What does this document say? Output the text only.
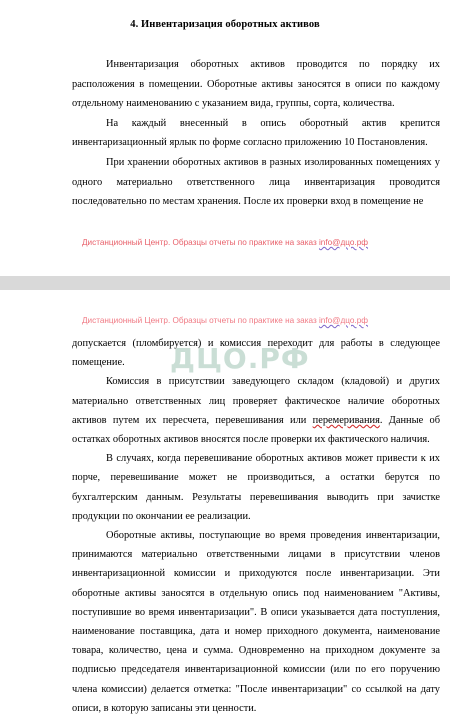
4. Инвентаризация оборотных активов

Инвентаризация оборотных активов проводится по порядку их расположения в помещении. Оборотные активы заносятся в описи по каждому отдельному наименованию с указанием вида, группы, сорта, количества.

На каждый внесенный в опись оборотный актив крепится инвентаризационный ярлык по форме согласно приложению 10 Постановления.

При хранении оборотных активов в разных изолированных помещениях у одного материально ответственного лица инвентаризация проводится последовательно по местам хранения. После их проверки вход в помещение не

Дистанционный Центр. Образцы отчеты по практике на заказ info@дцо.рф
Дистанционный Центр. Образцы отчеты по практике на заказ info@дцо.рф
ДЦО.РФ

допускается (пломбируется) и комиссия переходит для работы в следующее помещение.

Комиссия в присутствии заведующего складом (кладовой) и других материально ответственных лиц проверяет фактическое наличие оборотных активов путем их пересчета, перевешивания или перемеривания. Данные об остатках оборотных активов вносятся после проверки их фактического наличия.

В случаях, когда перевешивание оборотных активов может привести к их порче, перевешивание может не производиться, а остатки берутся по бухгалтерским данным. Результаты перевешивания выводить при зачистке продукции по окончании ее реализации.

Оборотные активы, поступающие во время проведения инвентаризации, принимаются материально ответственными лицами в присутствии членов инвентаризационной комиссии и приходуются после инвентаризации. Эти оборотные активы заносятся в отдельную опись под наименованием "Активы, поступившие во время инвентаризации". В описи указывается дата поступления, наименование поставщика, дата и номер приходного документа, наименование товара, количество, цена и сумма. Одновременно на приходном документе за подписью председателя инвентаризационной комиссии (или по его поручению члена комиссии) делается отметка: "После инвентаризации" со ссылкой на дату описи, в которую записаны эти ценности.
